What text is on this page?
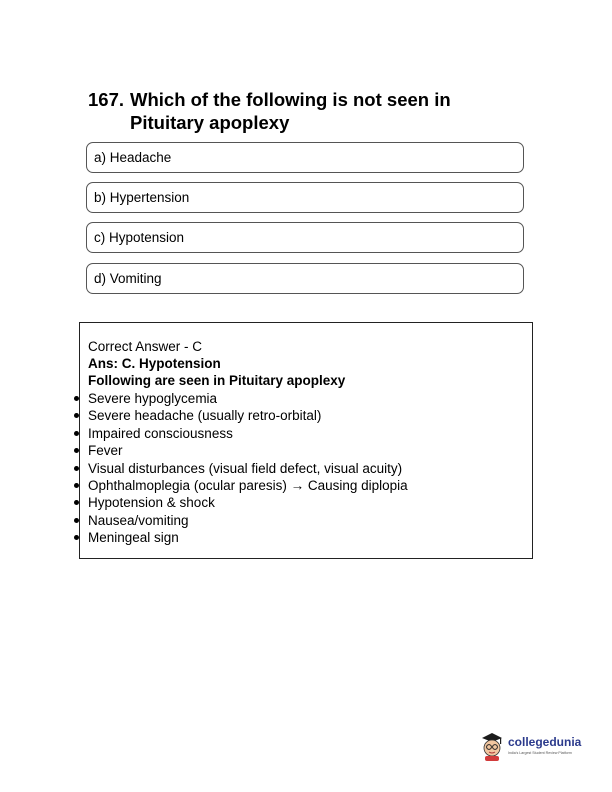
167. Which of the following is not seen in Pituitary apoplexy
a) Headache
b) Hypertension
c) Hypotension
d) Vomiting
Correct Answer - C
Ans: C. Hypotension
Following are seen in Pituitary apoplexy
Severe hypoglycemia
Severe headache (usually retro-orbital)
Impaired consciousness
Fever
Visual disturbances (visual field defect, visual acuity)
Ophthalmoplegia (ocular paresis) → Causing diplopia
Hypotension & shock
Nausea/vomiting
Meningeal sign
collegedunia
India's Largest Student Review Platform
